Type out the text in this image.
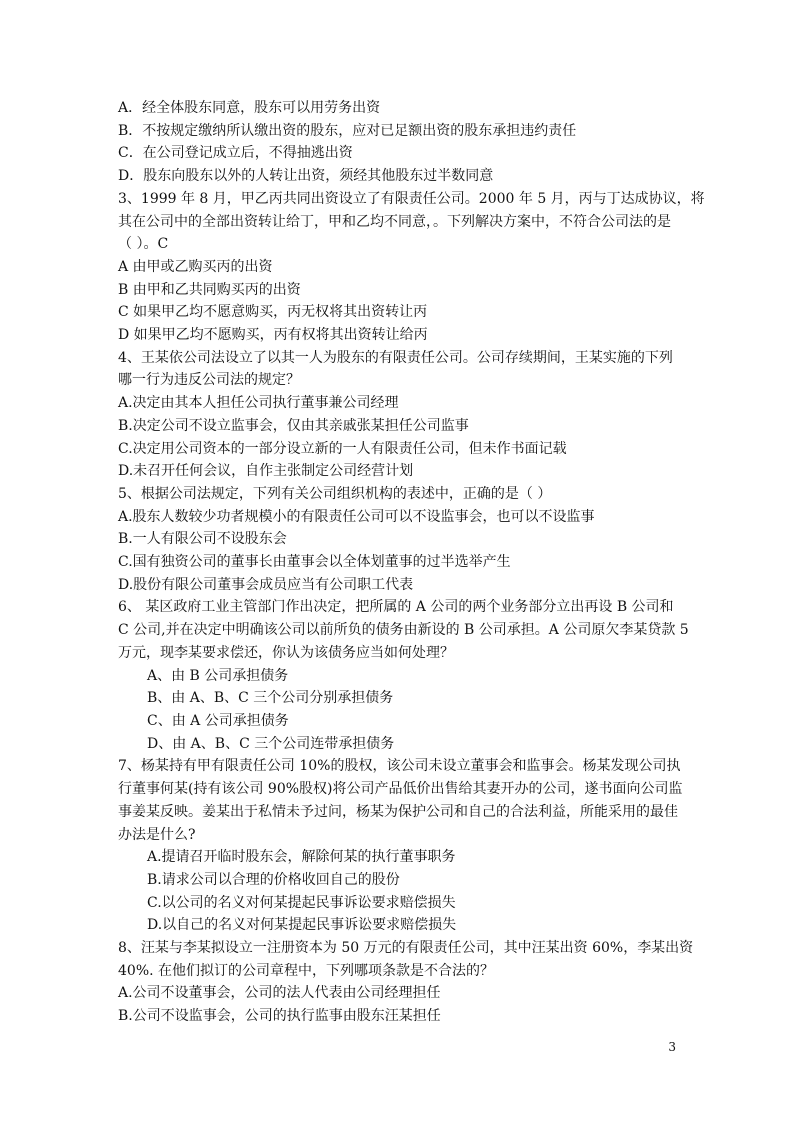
A．经全体股东同意，股东可以用劳务出资
B．不按规定缴纳所认缴出资的股东，应对已足额出资的股东承担违约责任
C．在公司登记成立后，不得抽逃出资
D．股东向股东以外的人转让出资，须经其他股东过半数同意
3、1999 年 8 月，甲乙丙共同出资设立了有限责任公司。2000 年 5 月，丙与丁达成协议，将
其在公司中的全部出资转让给丁，甲和乙均不同意，。下列解决方案中，不符合公司法的是
（ ）。C
A 由甲或乙购买丙的出资
B 由甲和乙共同购买丙的出资
C 如果甲乙均不愿意购买，丙无权将其出资转让丙
D 如果甲乙均不愿购买，丙有权将其出资转让给丙
4、王某依公司法设立了以其一人为股东的有限责任公司。公司存续期间，王某实施的下列
哪一行为违反公司法的规定？
A.决定由其本人担任公司执行董事兼公司经理
B.决定公司不设立监事会，仅由其亲戚张某担任公司监事
C.决定用公司资本的一部分设立新的一人有限责任公司，但未作书面记载
D.未召开任何会议，自作主张制定公司经营计划
5、根据公司法规定，下列有关公司组织机构的表述中，正确的是（ ）
A.股东人数较少功者规模小的有限责任公司可以不设监事会，也可以不设监事
B.一人有限公司不设股东会
C.国有独资公司的董事长由董事会以全体划董事的过半选举产生
D.股份有限公司董事会成员应当有公司职工代表
6、 某区政府工业主管部门作出决定，把所属的 A 公司的两个业务部分立出再设 B 公司和
C 公司,并在决定中明确该公司以前所负的债务由新设的 B 公司承担。A 公司原欠李某贷款 5
万元，现李某要求偿还，你认为该债务应当如何处理？
A、由 B 公司承担债务
B、由 A、B、C 三个公司分别承担债务
C、由 A 公司承担债务
D、由 A、B、C 三个公司连带承担债务
7、杨某持有甲有限责任公司 10%的股权，该公司未设立董事会和监事会。杨某发现公司执
行董事何某(持有该公司 90%股权)将公司产品低价出售给其妻开办的公司，遂书面向公司监
事姜某反映。姜某出于私情未予过问，杨某为保护公司和自己的合法利益，所能采用的最佳
办法是什么?
A.提请召开临时股东会，解除何某的执行董事职务
B.请求公司以合理的价格收回自己的股份
C.以公司的名义对何某提起民事诉讼要求赔偿损失
D.以自己的名义对何某提起民事诉讼要求赔偿损失
8、汪某与李某拟设立一注册资本为 50 万元的有限责任公司，其中汪某出资 60%，李某出资
40%. 在他们拟订的公司章程中，下列哪项条款是不合法的？
A.公司不设董事会，公司的法人代表由公司经理担任
B.公司不设监事会，公司的执行监事由股东汪某担任
3
